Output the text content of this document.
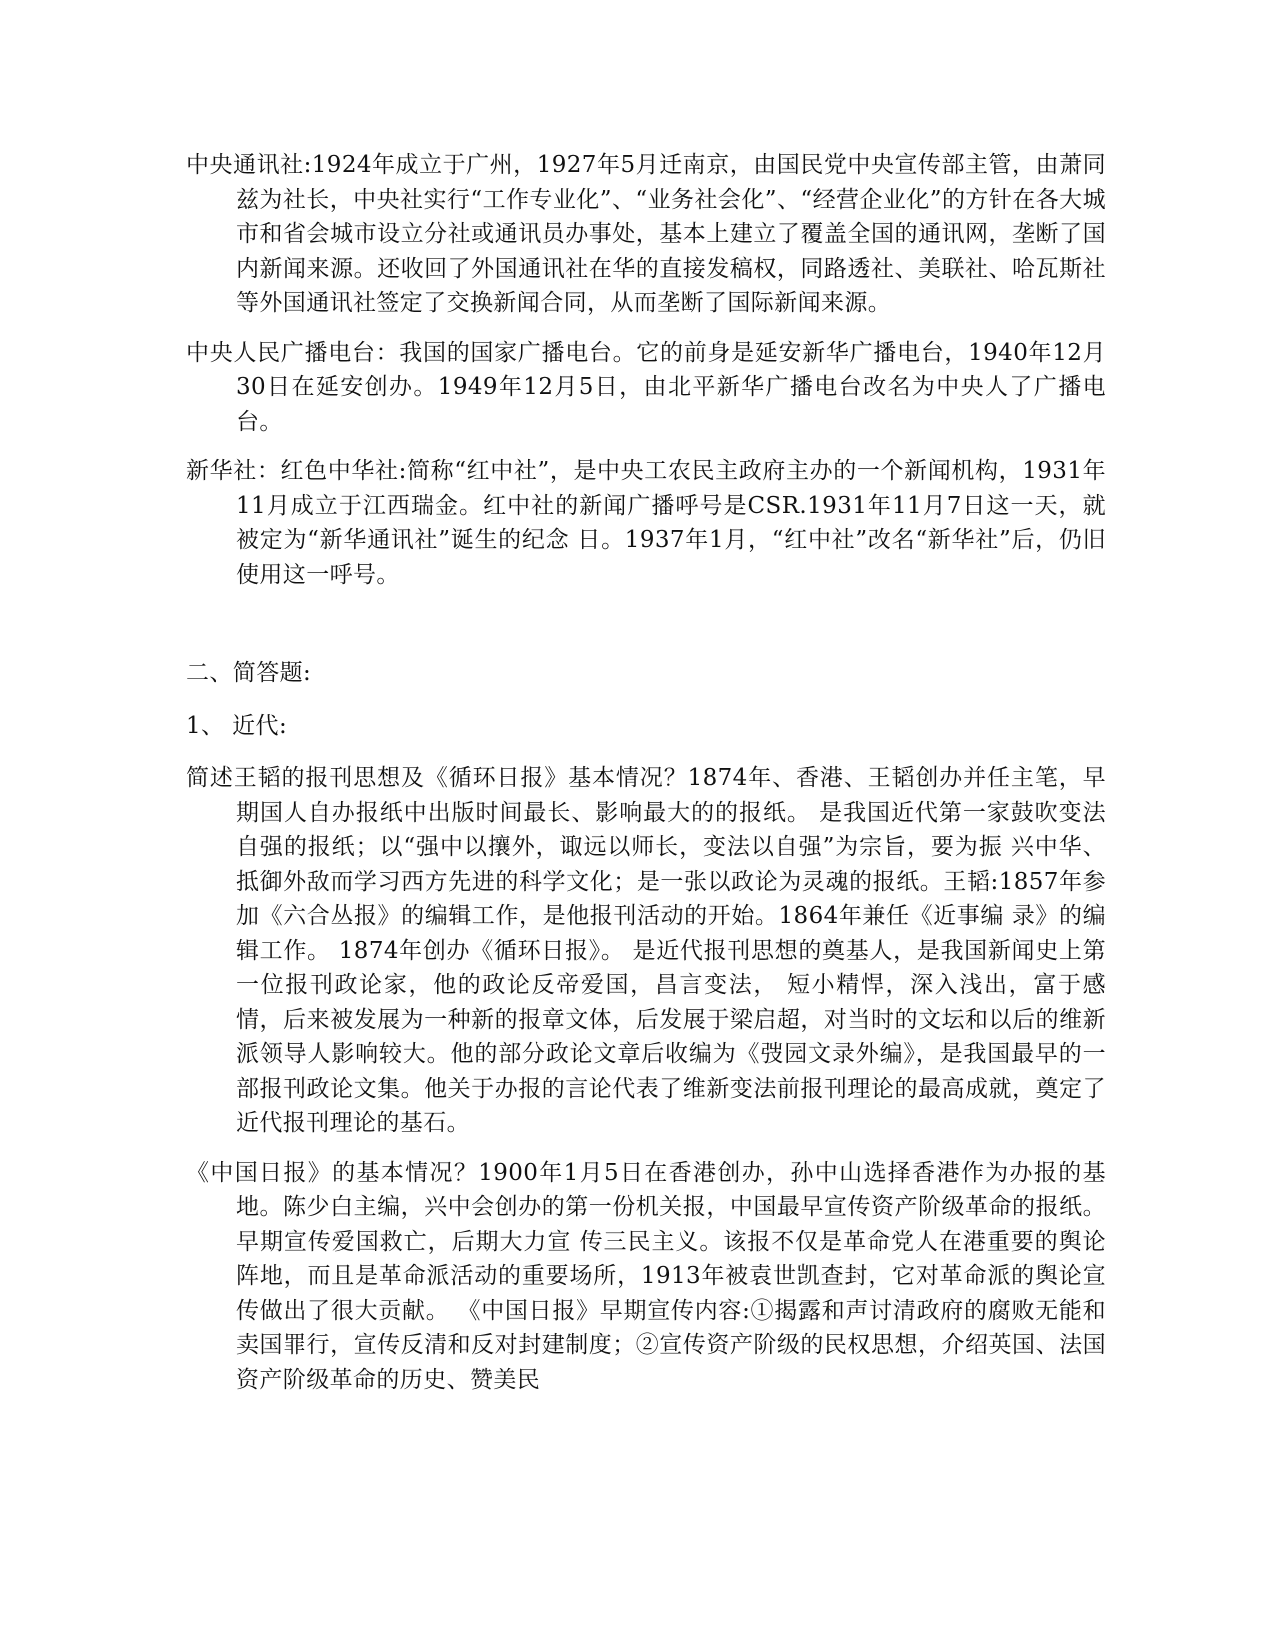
中央通讯社:1924年成立于广州，1927年5月迁南京，由国民党中央宣传部主管，由萧同兹为社长，中央社实行“工作专业化”、“业务社会化”、“经营企业化”的方针在各大城市和省会城市设立分社或通讯员办事处，基本上建立了覆盖全国的通讯网，垄断了国内新闻来源。还收回了外国通讯社在华的直接发稿权，同路透社、美联社、哈瓦斯社等外国通讯社签定了交换新闻合同，从而垄断了国际新闻来源。

中央人民广播电台：我国的国家广播电台。它的前身是延安新华广播电台，1940年12月30日在延安创办。1949年12月5日，由北平新华广播电台改名为中央人了广播电台。

新华社：红色中华社:简称“红中社”，是中央工农民主政府主办的一个新闻机构，1931年11月成立于江西瑞金。红中社的新闻广播呼号是CSR.1931年11月7日这一天，就被定为“新华通讯社”诞生的纪念 日。1937年1月，“红中社”改名“新华社”后，仍旧使用这一呼号。

二、简答题:

1、 近代:

简述王韬的报刊思想及《循环日报》基本情况？1874年、香港、王韬创办并任主笔，早期国人自办报纸中出版时间最长、影响最大的的报纸。 是我国近代第一家鼓吹变法自强的报纸；以“强中以攘外，诹远以师长，变法以自强”为宗旨，要为振 兴中华、抵御外敌而学习西方先进的科学文化；是一张以政论为灵魂的报纸。王韬:1857年参加《六合丛报》的编辑工作，是他报刊活动的开始。1864年兼任《近事编 录》的编辑工作。 1874年创办《循环日报》。 是近代报刊思想的奠基人，是我国新闻史上第一位报刊政论家，他的政论反帝爱国，昌言变法， 短小精悍，深入浅出，富于感情，后来被发展为一种新的报章文体，后发展于梁启超，对当时的文坛和以后的维新派领导人影响较大。他的部分政论文章后收编为《弢园文录外编》，是我国最早的一部报刊政论文集。他关于办报的言论代表了维新变法前报刊理论的最高成就，奠定了近代报刊理论的基石。

《中国日报》的基本情况？1900年1月5日在香港创办，孙中山选择香港作为办报的基地。陈少白主编，兴中会创办的第一份机关报，中国最早宣传资产阶级革命的报纸。早期宣传爱国救亡，后期大力宣 传三民主义。该报不仅是革命党人在港重要的舆论阵地，而且是革命派活动的重要场所，1913年被袁世凯查封，它对革命派的舆论宣传做出了很大贡献。 《中国日报》早期宣传内容:①揭露和声讨清政府的腐败无能和卖国罪行，宣传反清和反对封建制度；②宣传资产阶级的民权思想，介绍英国、法国资产阶级革命的历史、赞美民
